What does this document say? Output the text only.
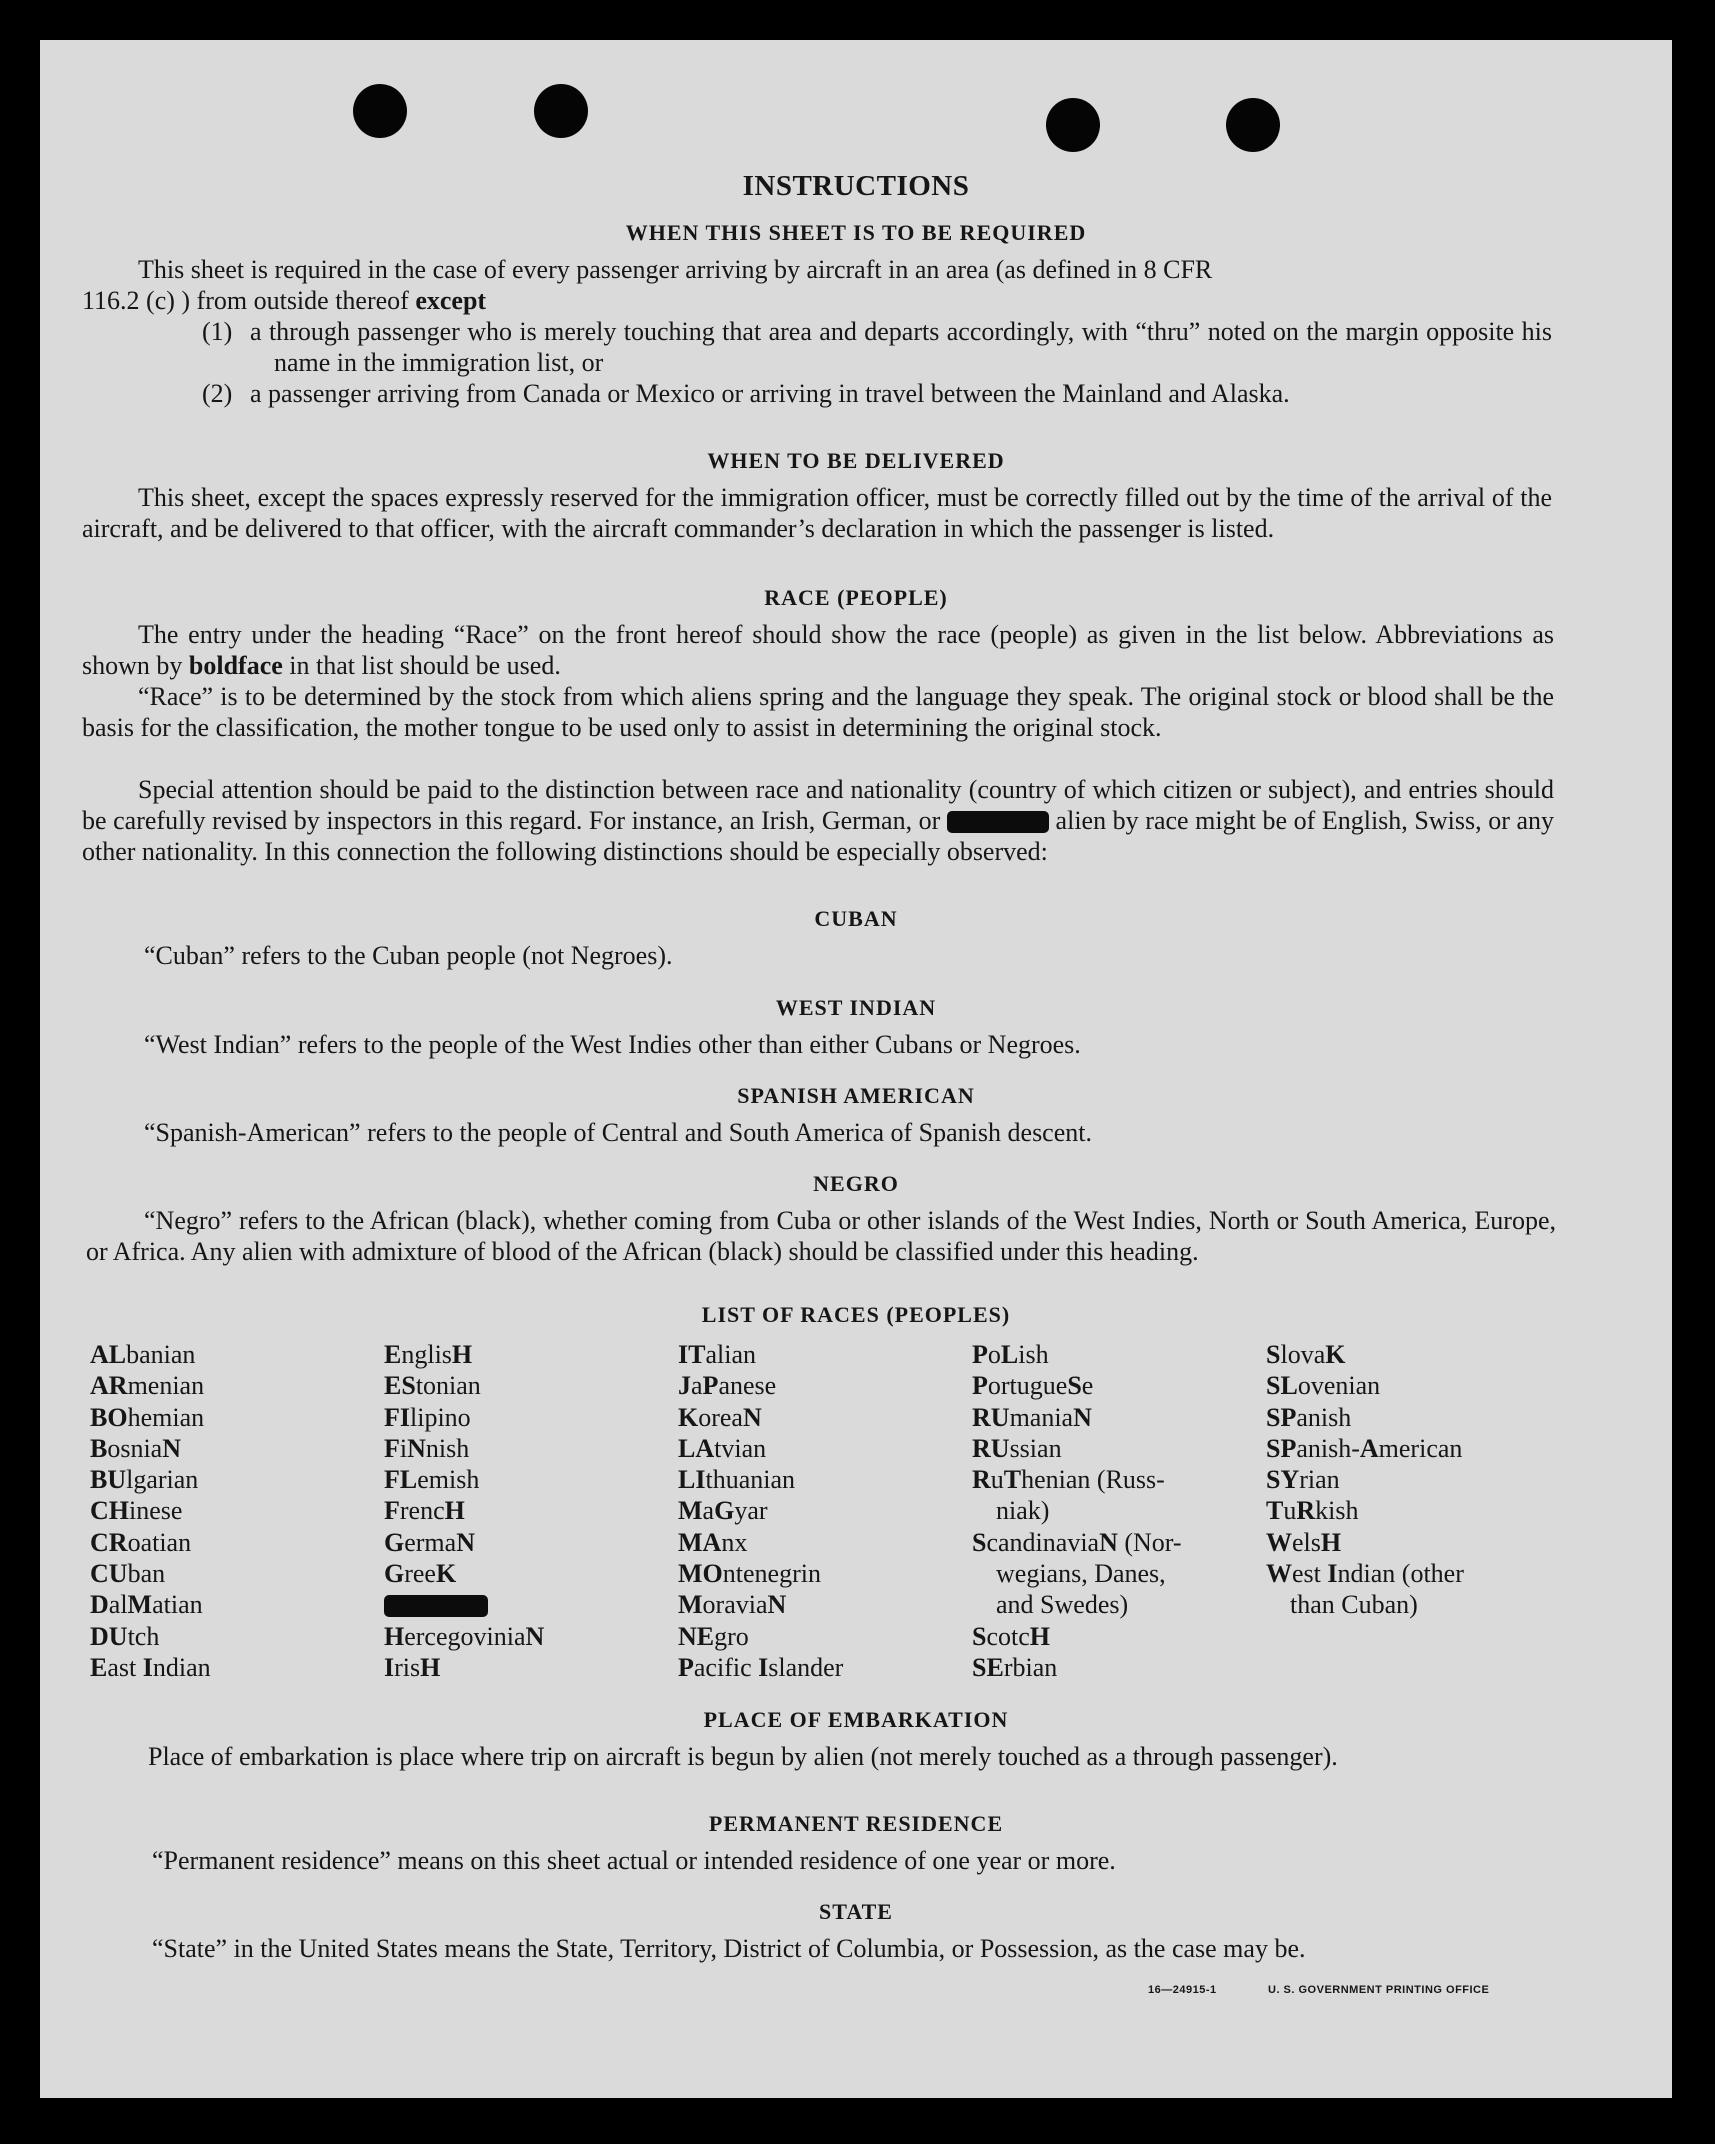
INSTRUCTIONS
WHEN THIS SHEET IS TO BE REQUIRED

This sheet is required in the case of every passenger arriving by aircraft in an area (as defined in 8 CFR

116.2 (c) ) from outside thereof except

(1) a through passenger who is merely touching that area and departs accordingly, with “thru” noted on the margin opposite his name in the immigration list, or

(2) a passenger arriving from Canada or Mexico or arriving in travel between the Mainland and Alaska.

WHEN TO BE DELIVERED

This sheet, except the spaces expressly reserved for the immigration officer, must be correctly filled out by the time of the arrival of the aircraft, and be delivered to that officer, with the aircraft commander’s declaration in which the passenger is listed.

RACE (PEOPLE)

The entry under the heading “Race” on the front hereof should show the race (people) as given in the list below. Abbreviations as shown by boldface in that list should be used.

“Race” is to be determined by the stock from which aliens spring and the language they speak. The original stock or blood shall be the basis for the classification, the mother tongue to be used only to assist in determining the original stock.

Special attention should be paid to the distinction between race and nationality (country of which citizen or subject), and entries should be carefully revised by inspectors in this regard. For instance, an Irish, German, or	alien by race might be of English, Swiss, or any other nationality. In this connection the following distinctions should be especially observed:

CUBAN

“Cuban” refers to the Cuban people (not Negroes).

WEST INDIAN

“West Indian” refers to the people of the West Indies other than either Cubans or Negroes.

SPANISH AMERICAN

“Spanish-American” refers to the people of Central and South America of Spanish descent.

NEGRO

“Negro” refers to the African (black), whether coming from Cuba or other islands of the West Indies, North or South America, Europe, or Africa. Any alien with admixture of blood of the African (black) should be classified under this heading.

LIST OF RACES (PEOPLES)
ALbanian
ARmenian
BOhemian
BosniaN
BUlgarian
CHinese
CRoatian
CUban
DalMatian
DUtch
East Indian
EnglisH
EStonian
FIlipino
FiNnish
FLemish
FrencH
GermaN
GreeK
HercegoviniaN
IrisH
ITalian
JaPanese
KoreaN
LAtvian
LIthuanian
MaGyar
MAnx
MOntenegrin
MoraviaN
NEgro
Pacific Islander
PoLish
PortugueSe
RUmaniaN
RUssian
RuThenian (Russ-
niak)
ScandinaviaN (Nor-
wegians, Danes,
and Swedes)
ScotcH
SErbian
SlovaK
SLovenian
SPanish
SPanish-American
SYrian
TuRkish
WelsH
West Indian (other
than Cuban)
PLACE OF EMBARKATION

Place of embarkation is place where trip on aircraft is begun by alien (not merely touched as a through passenger).

PERMANENT RESIDENCE

“Permanent residence” means on this sheet actual or intended residence of one year or more.

STATE

“State” in the United States means the State, Territory, District of Columbia, or Possession, as the case may be.

16—24915-1	U. S. GOVERNMENT PRINTING OFFICE
